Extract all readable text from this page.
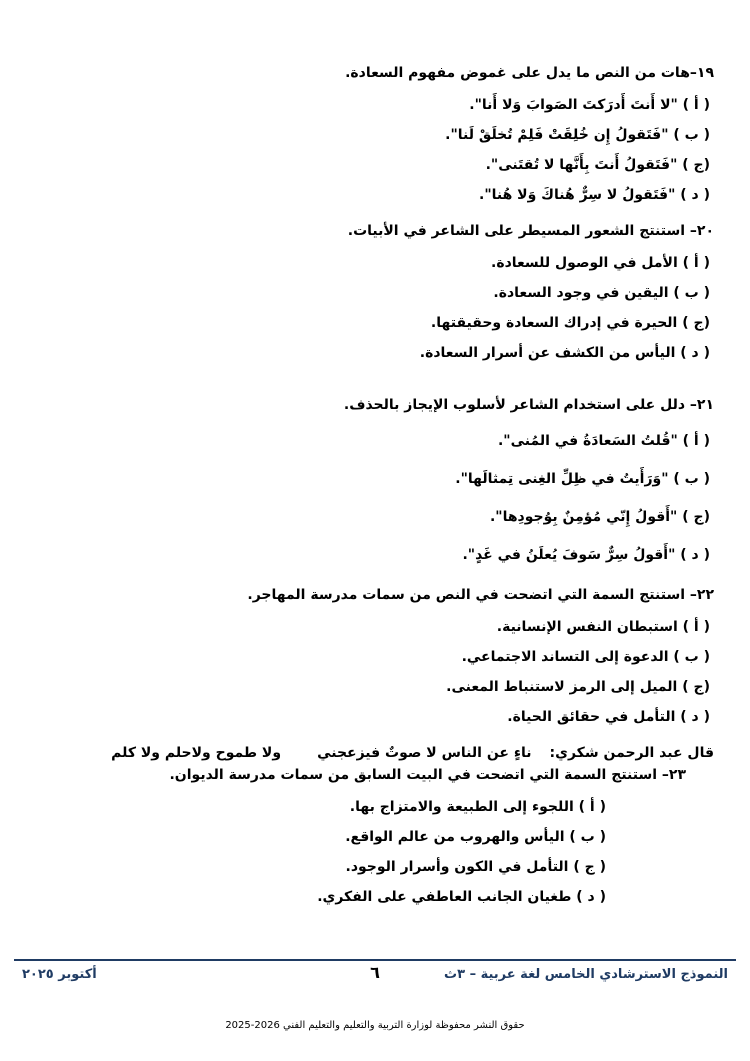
١٩–هات من النص ما يدل على غموض مفهوم السعادة.

( أ ) "لا أَنتَ أَدرَكتَ الصَوابَ وَلا أَنا".
( ب ) "فَتَقولُ إِن خُلِقَتْ فَلِمْ تُخلَقْ لَنا".
(ج ) "فَتَقولُ أَنتَ بِأَنَّها لا تُقتَنى".
( د ) "فَتَقولُ لا سِرٌّ هُناكَ وَلا هُنا".

٢٠– استنتج الشعور المسيطر على الشاعر في الأبيات.

( أ ) الأمل في الوصول للسعادة.
( ب ) اليقين في وجود السعادة.
(ج ) الحيرة في إدراك السعادة وحقيقتها.
( د ) اليأس من الكشف عن أسرار السعادة.

٢١– دلل على استخدام الشاعر لأسلوب الإيجاز بالحذف.

( أ ) "قُلتُ السَعادَةُ في المُنى".
( ب ) "وَرَأَيتُ في ظِلِّ الغِنى تِمثالَها".
(ج ) "أَقولُ إِنّي مُؤمِنٌ بِوُجودِها".
( د ) "أَقولُ سِرٌّ سَوفَ يُعلَنُ في غَدٍ".

٢٢– استنتج السمة التي اتضحت في النص من سمات مدرسة المهاجر.

( أ ) استبطان النفس الإنسانية.
( ب ) الدعوة إلى التساند الاجتماعي.
(ج ) الميل إلى الرمز لاستنباط المعنى.
( د ) التأمل في حقائق الحياة.
قال عبد الرحمن شكري:
ناءٍ عن الناس لا صوتٌ فيزعجني
ولا طموح ولاحلم ولا كلم

٢٣– استنتج السمة التي اتضحت في البيت السابق من سمات مدرسة الديوان.

( أ ) اللجوء إلى الطبيعة والامتزاج بها.
( ب ) اليأس والهروب من عالم الواقع.
( ج ) التأمل في الكون وأسرار الوجود.
( د ) طغيان الجانب العاطفي على الفكري.
النموذج الاسترشادي الخامس لغة عربية – ٣ث
٦
أكتوبر ٢٠٢٥
حقوق النشر محفوظة لوزارة التربية والتعليم والتعليم الفني 2026-2025
